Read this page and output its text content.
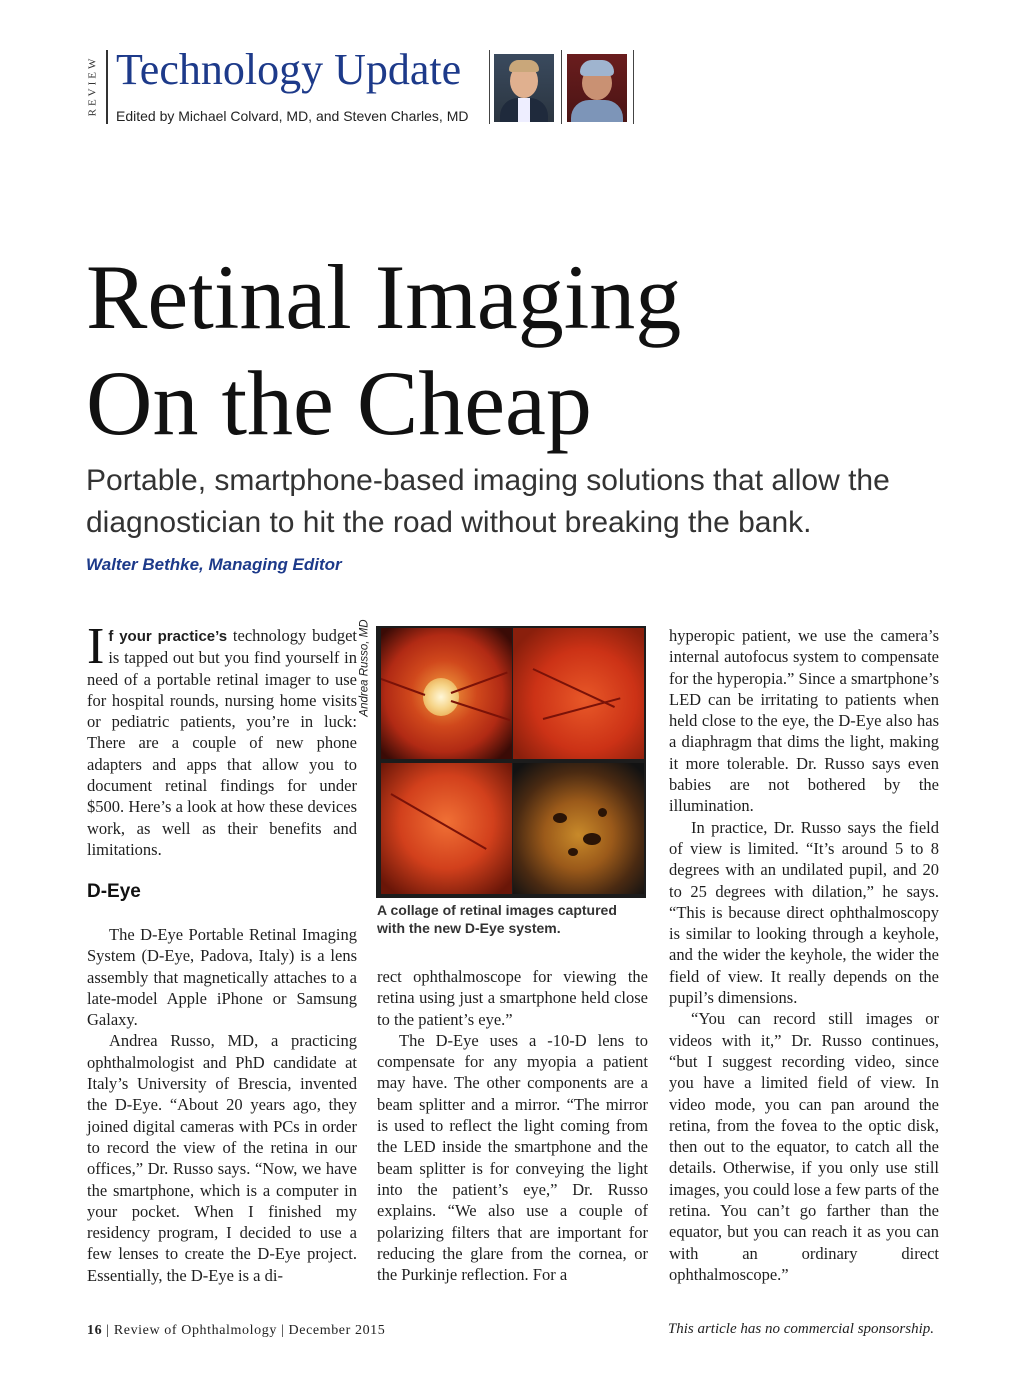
REVIEW Technology Update
Edited by Michael Colvard, MD, and Steven Charles, MD
Retinal Imaging
On the Cheap
Portable, smartphone-based imaging solutions that allow the diagnostician to hit the road without breaking the bank.
Walter Bethke, Managing Editor

If your practice’s technology budget is tapped out but you find yourself in need of a portable retinal imager to use for hospital rounds, nursing home visits or pediatric patients, you’re in luck: There are a couple of new phone adapters and apps that allow you to document retinal findings for under $500. Here’s a look at how these devices work, as well as their benefits and limitations.

D-Eye

The D-Eye Portable Retinal Imaging System (D-Eye, Padova, Italy) is a lens assembly that magnetically attaches to a late-model Apple iPhone or Samsung Galaxy.

Andrea Russo, MD, a practicing ophthalmologist and PhD candidate at Italy’s University of Brescia, invented the D-Eye. “About 20 years ago, they joined digital cameras with PCs in order to record the view of the retina in our offices,” Dr. Russo says. “Now, we have the smartphone, which is a computer in your pocket. When I finished my residency program, I decided to use a few lenses to create the D-Eye project. Essentially, the D-Eye is a di-

Andrea Russo, MD
A collage of retinal images captured with the new D-Eye system.

rect ophthalmoscope for viewing the retina using just a smartphone held close to the patient’s eye.”

The D-Eye uses a -10-D lens to compensate for any myopia a patient may have. The other components are a beam splitter and a mirror. “The mirror is used to reflect the light coming from the LED inside the smartphone and the beam splitter is for conveying the light into the patient’s eye,” Dr. Russo explains. “We also use a couple of polarizing filters that are important for reducing the glare from the cornea, or the Purkinje reflection. For a

hyperopic patient, we use the camera’s internal autofocus system to compensate for the hyperopia.” Since a smartphone’s LED can be irritating to patients when held close to the eye, the D-Eye also has a diaphragm that dims the light, making it more tolerable. Dr. Russo says even babies are not bothered by the illumination.

In practice, Dr. Russo says the field of view is limited. “It’s around 5 to 8 degrees with an undilated pupil, and 20 to 25 degrees with dilation,” he says. “This is because direct ophthalmoscopy is similar to looking through a keyhole, and the wider the keyhole, the wider the field of view. It really depends on the pupil’s dimensions.

“You can record still images or videos with it,” Dr. Russo continues, “but I suggest recording video, since you have a limited field of view. In video mode, you can pan around the retina, from the fovea to the optic disk, then out to the equator, to catch all the details. Otherwise, if you only use still images, you could lose a few parts of the retina. You can’t go farther than the equator, but you can reach it as you can with an ordinary direct ophthalmoscope.”

16 | Review of Ophthalmology | December 2015	This article has no commercial sponsorship.
